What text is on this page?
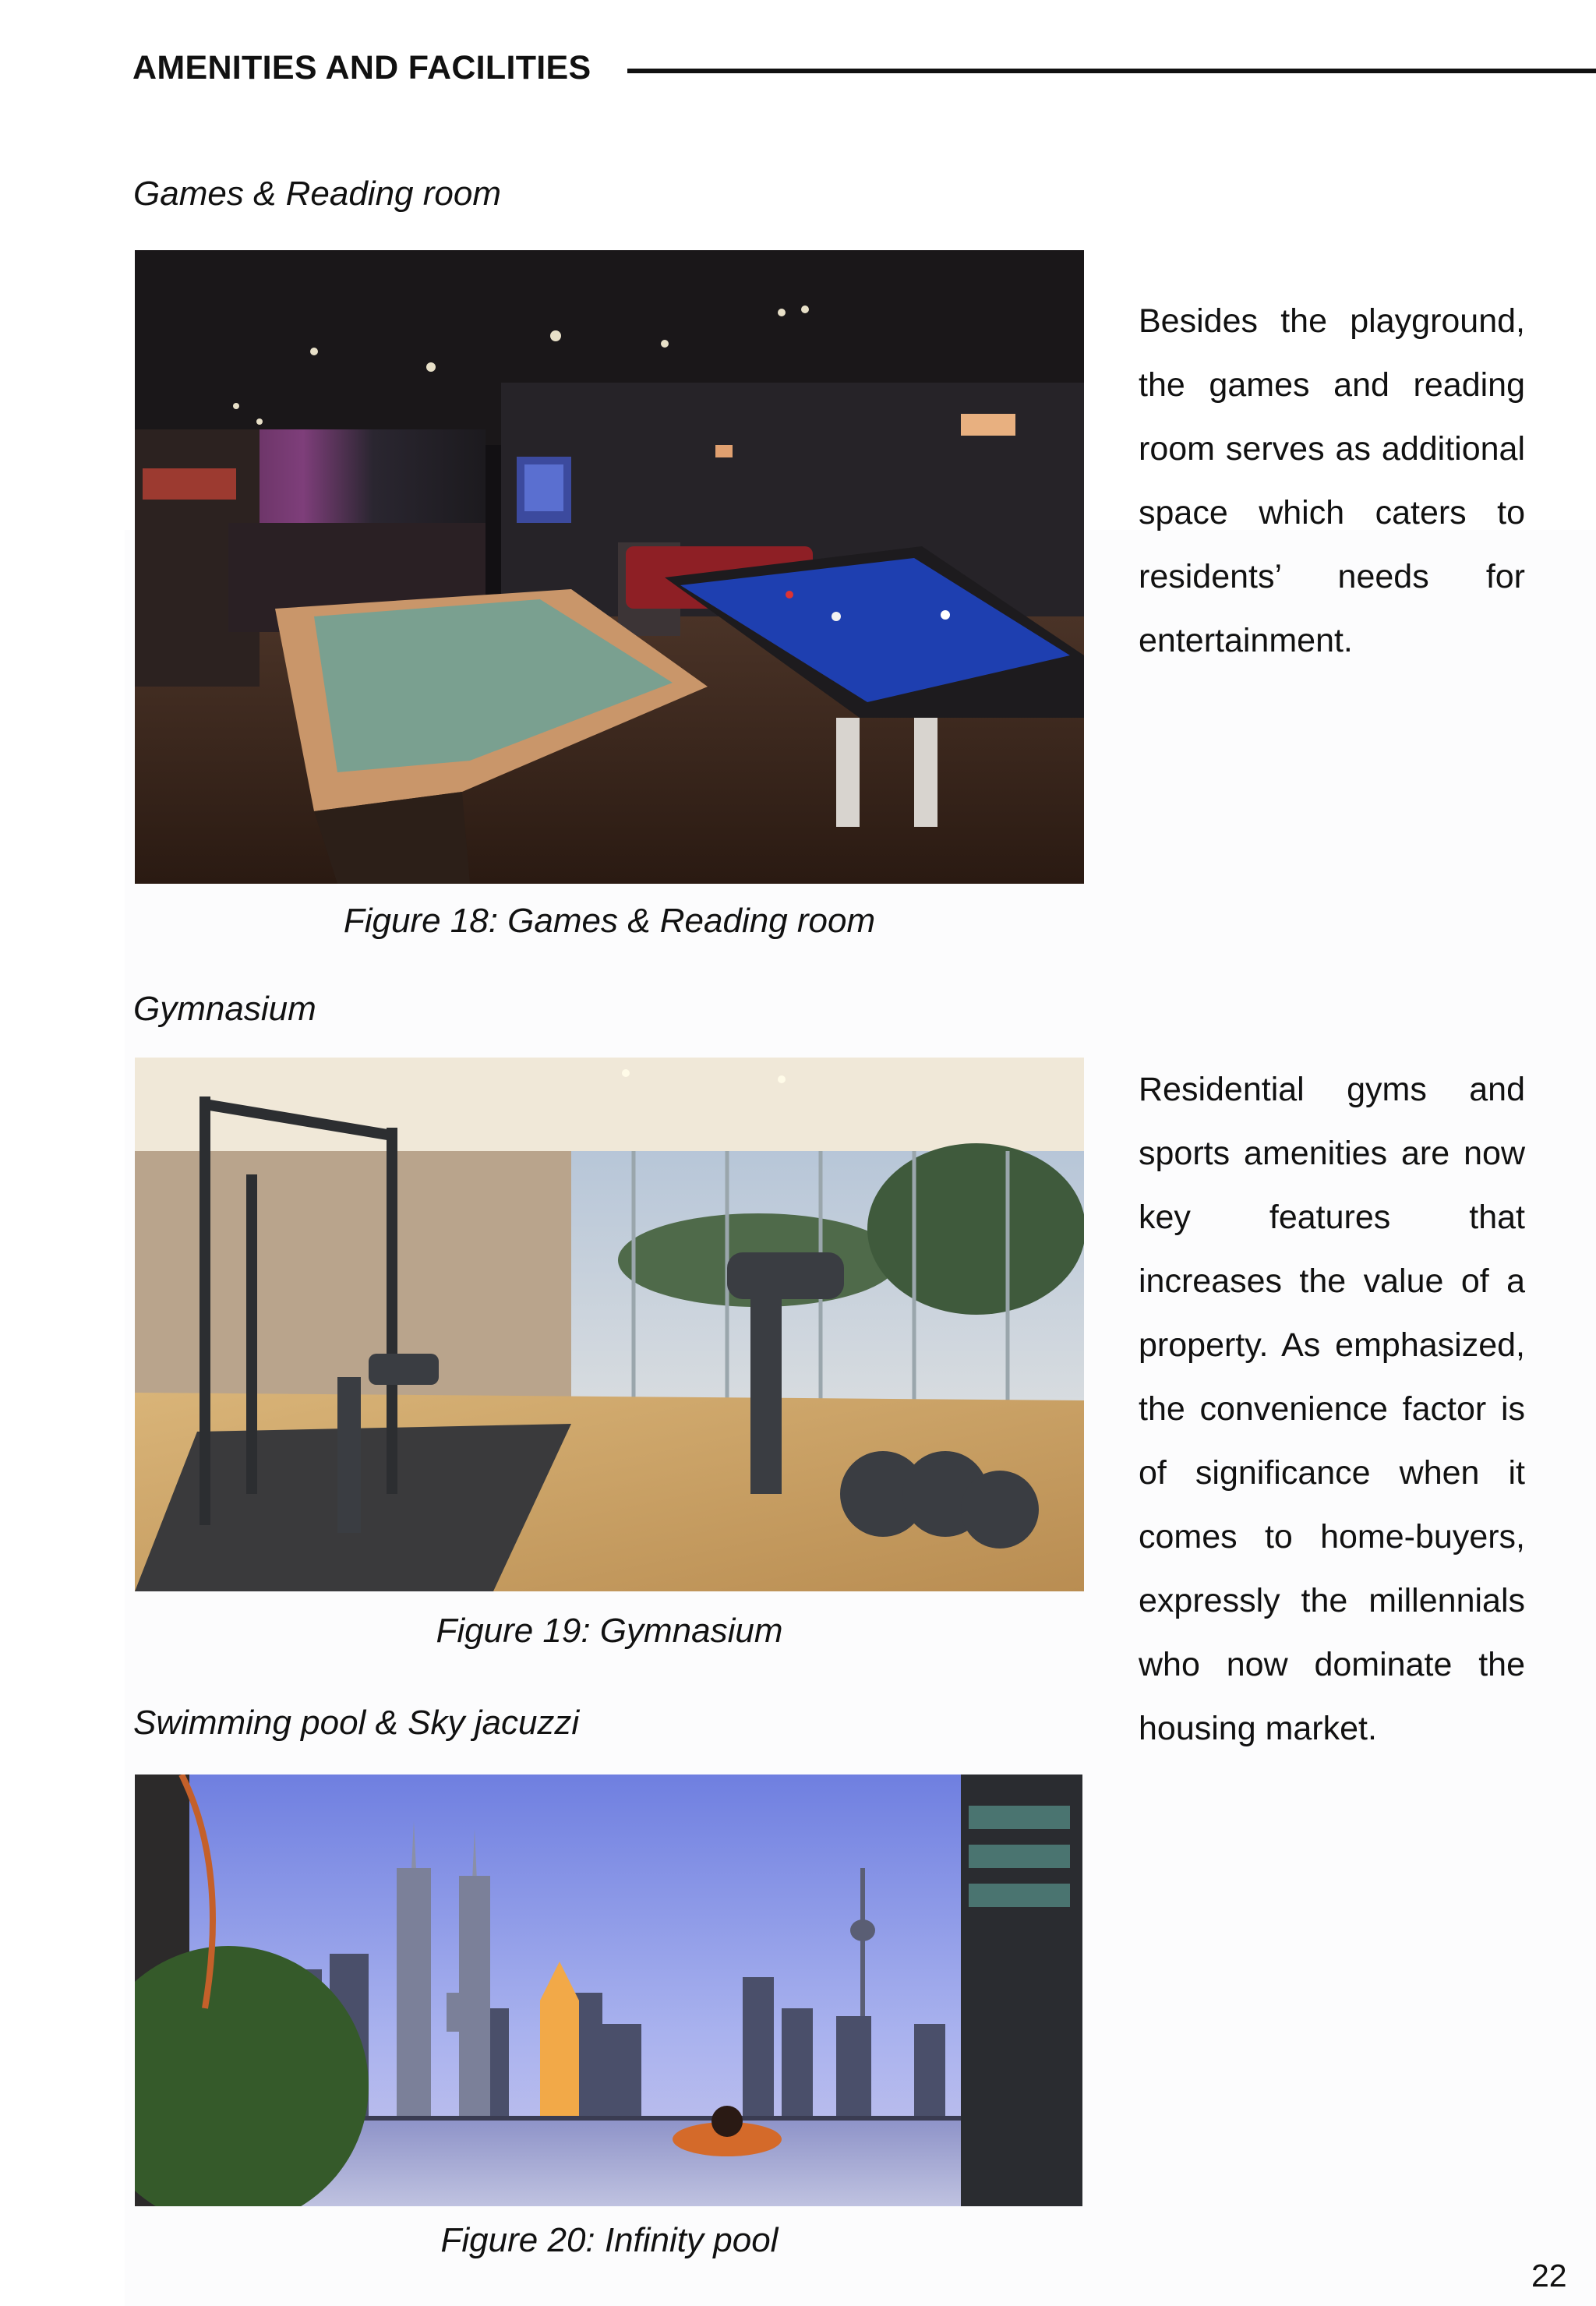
AMENITIES AND FACILITIES
Games & Reading room
Figure 18: Games & Reading room

Besides the playground, the games and reading room serves as additional space which caters to residents’ needs for entertainment.

Gymnasium
Figure 19: Gymnasium

Residential gyms and sports amenities are now key features that increases the value of a property. As emphasized, the convenience factor is of significance when it comes to home-buyers, expressly the millennials who now dominate the housing market.

Swimming pool & Sky jacuzzi
Figure 20: Infinity pool
22
